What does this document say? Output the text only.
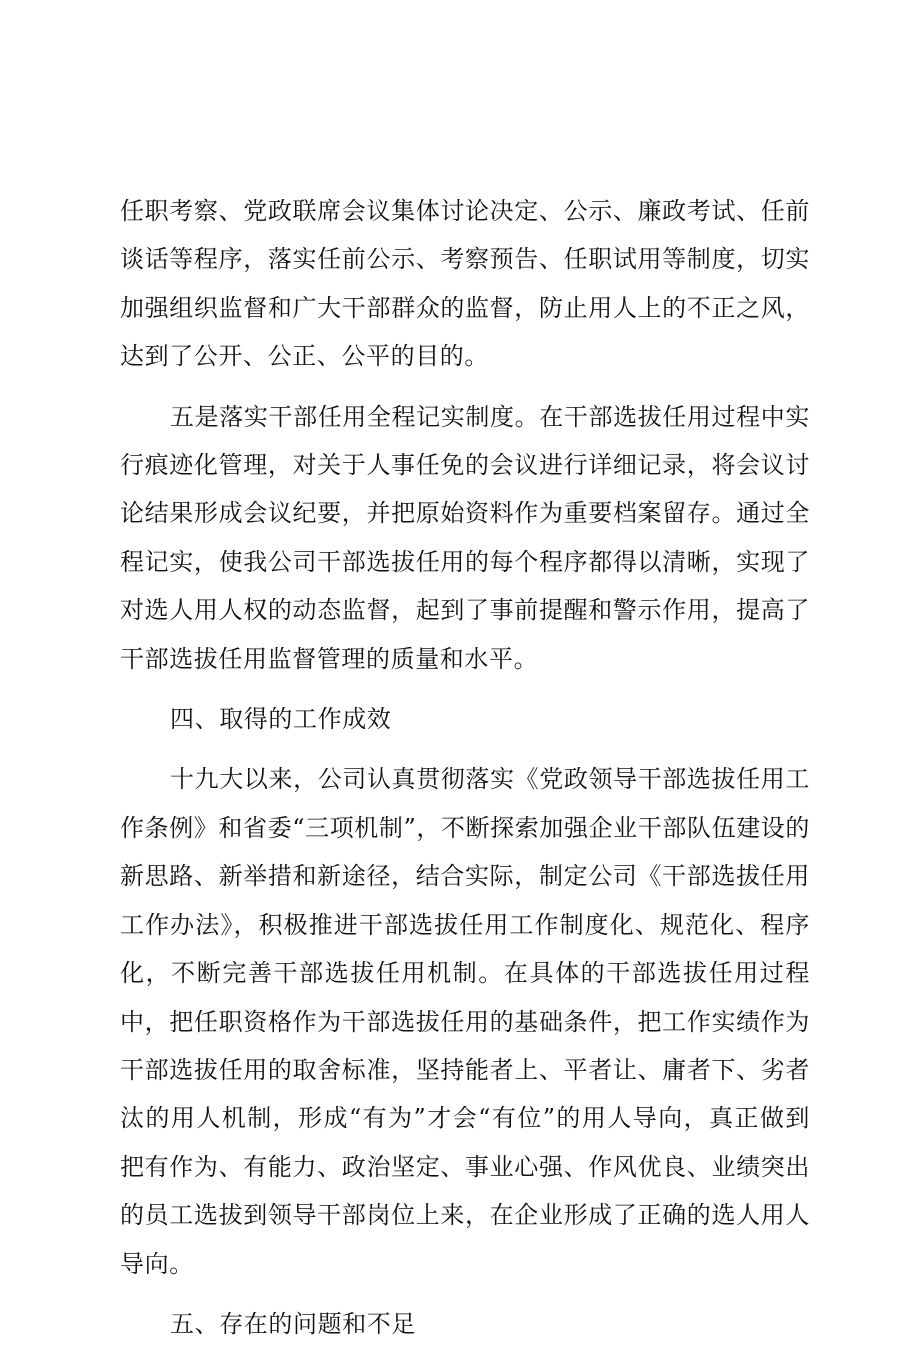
任职考察、党政联席会议集体讨论决定、公示、廉政考试、任前谈话等程序，落实任前公示、考察预告、任职试用等制度，切实加强组织监督和广大干部群众的监督，防止用人上的不正之风，达到了公开、公正、公平的目的。

五是落实干部任用全程记实制度。在干部选拔任用过程中实行痕迹化管理，对关于人事任免的会议进行详细记录，将会议讨论结果形成会议纪要，并把原始资料作为重要档案留存。通过全程记实，使我公司干部选拔任用的每个程序都得以清晰，实现了对选人用人权的动态监督，起到了事前提醒和警示作用，提高了干部选拔任用监督管理的质量和水平。

四、取得的工作成效

十九大以来，公司认真贯彻落实《党政领导干部选拔任用工作条例》和省委“三项机制”，不断探索加强企业干部队伍建设的新思路、新举措和新途径，结合实际，制定公司《干部选拔任用工作办法》，积极推进干部选拔任用工作制度化、规范化、程序化，不断完善干部选拔任用机制。在具体的干部选拔任用过程中，把任职资格作为干部选拔任用的基础条件，把工作实绩作为干部选拔任用的取舍标准，坚持能者上、平者让、庸者下、劣者汰的用人机制，形成“有为”才会“有位”的用人导向，真正做到把有作为、有能力、政治坚定、事业心强、作风优良、业绩突出的员工选拔到领导干部岗位上来，在企业形成了正确的选人用人导向。

五、存在的问题和不足
